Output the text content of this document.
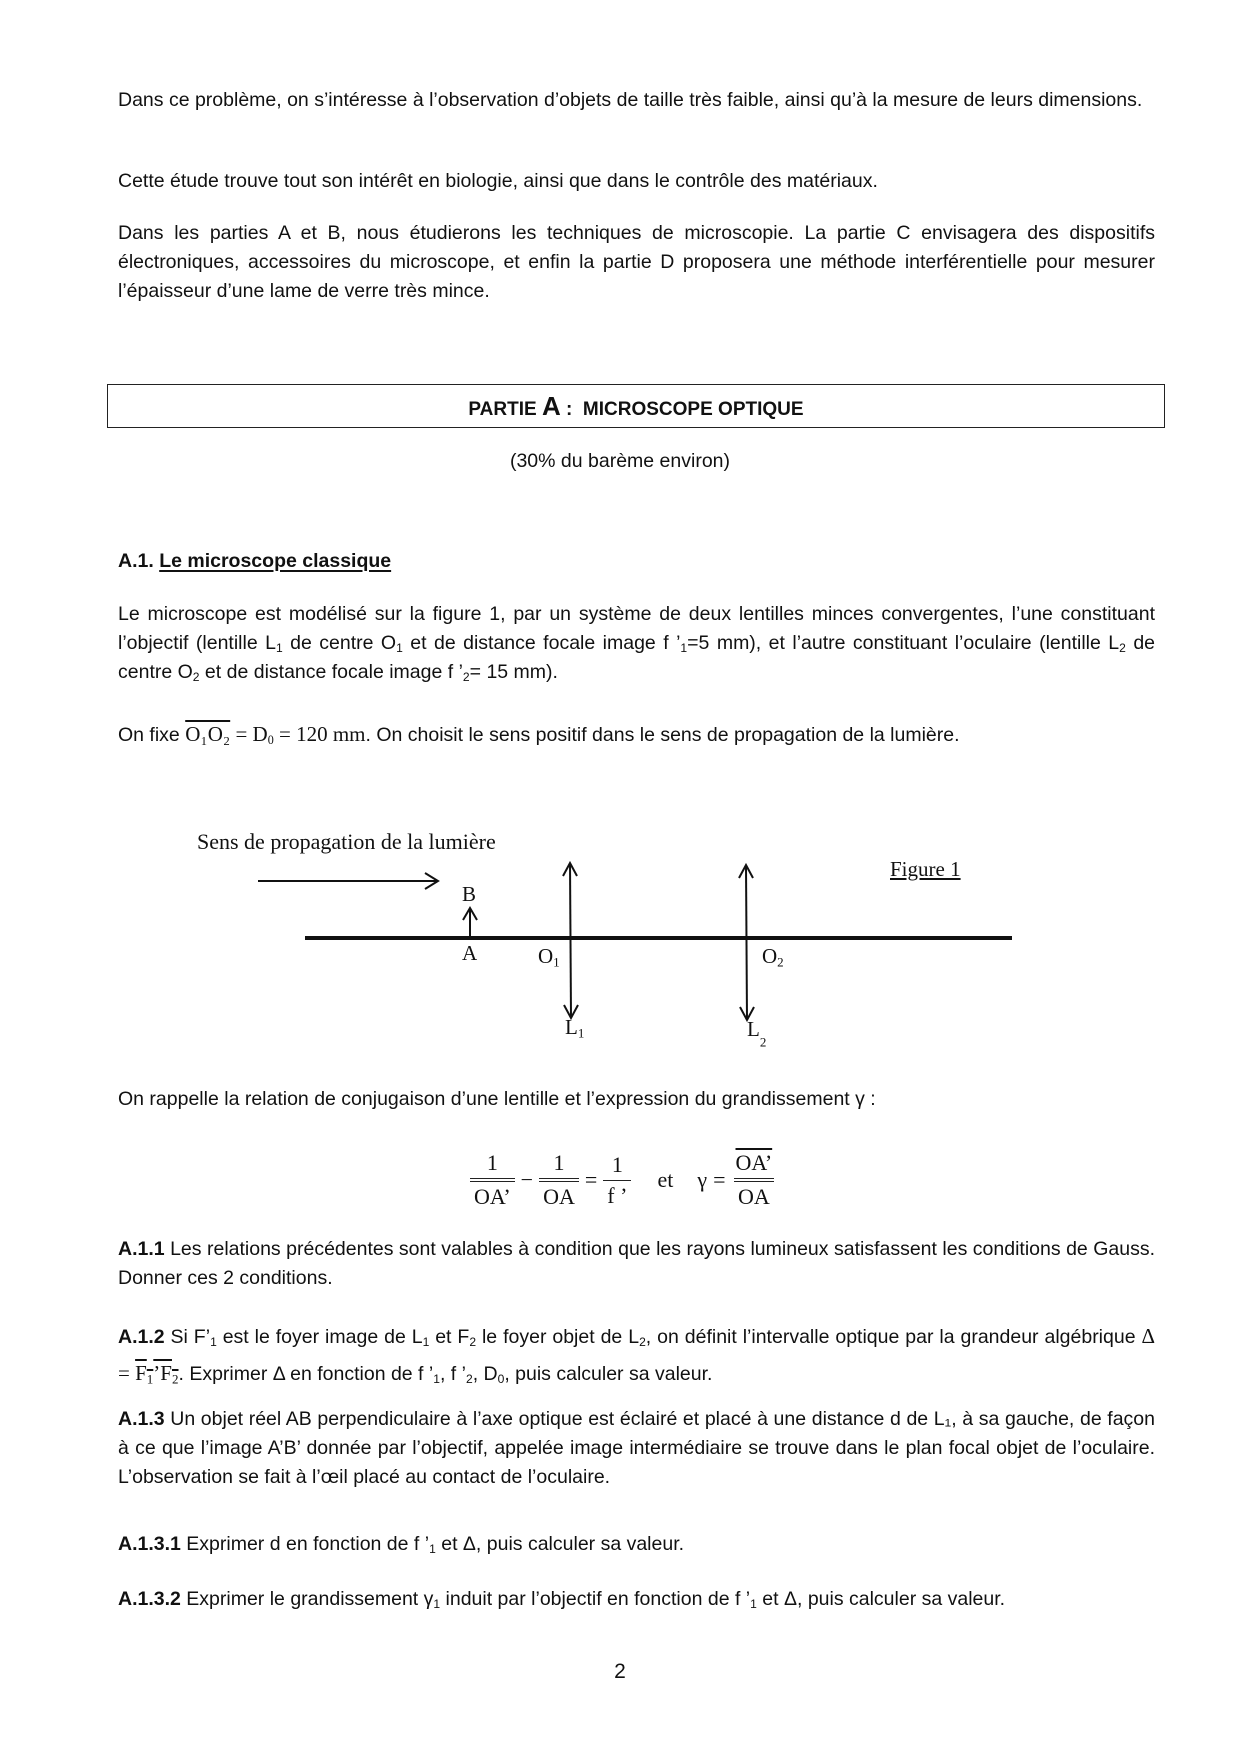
Dans ce problème, on s’intéresse à l’observation d’objets de taille très faible, ainsi qu’à la mesure de leurs dimensions.

Cette étude trouve tout son intérêt en biologie, ainsi que dans le contrôle des matériaux.

Dans les parties A et B, nous étudierons les techniques de microscopie. La partie C envisagera des dispositifs électroniques, accessoires du microscope, et enfin la partie D proposera une méthode interférentielle pour mesurer l’épaisseur d’une lame de verre très mince.

PARTIE A :  MICROSCOPE OPTIQUE
(30% du barème environ)
A.1. Le microscope classique

Le microscope est modélisé sur la figure 1, par un système de deux lentilles minces convergentes, l’une constituant l’objectif (lentille $L_1$ de centre $O_1$ et de distance focale image f $’_1=5$ mm), et l’autre constituant l’oculaire (lentille $L_2$ de centre $O_2$ et de distance focale image f $’_2= 15$ mm).

On fixe $O_1O_2 = D_0 = 120$ mm. On choisit le sens positif dans le sens de propagation de la lumière.

Sens de propagation de la lumière
Figure 1
B
A	$O_1$	$O_2$
$L_1$	$L_2$

On rappelle la relation de conjugaison d’une lentille et l’expression du grandissement γ :

$\frac{1}{OA’} - \frac{1}{OA} = \frac{1}{f ’}$ et $\gamma = \frac{OA’}{OA}$

A.1.1 Les relations précédentes sont valables à condition que les rayons lumineux satisfassent les conditions de Gauss. Donner ces 2 conditions.

A.1.2 Si $F’_1$ est le foyer image de $L_1$ et $F_2$ le foyer objet de $L_2$, on définit l’intervalle optique par la grandeur algébrique $\Delta = F_1’F_2$. Exprimer Δ en fonction de f $’_1$, f $’_2$, $D_0$, puis calculer sa valeur.

A.1.3 Un objet réel AB perpendiculaire à l’axe optique est éclairé et placé à une distance d de L₁, à sa gauche, de façon à ce que l’image A’B’ donnée par l’objectif, appelée image intermédiaire se trouve dans le plan focal objet de l’oculaire. L’observation se fait à l’œil placé au contact de l’oculaire.

A.1.3.1 Exprimer d en fonction de f $’_1$ et Δ, puis calculer sa valeur.

A.1.3.2 Exprimer le grandissement $\gamma_1$ induit par l’objectif en fonction de f $’_1$ et Δ, puis calculer sa valeur.

2
